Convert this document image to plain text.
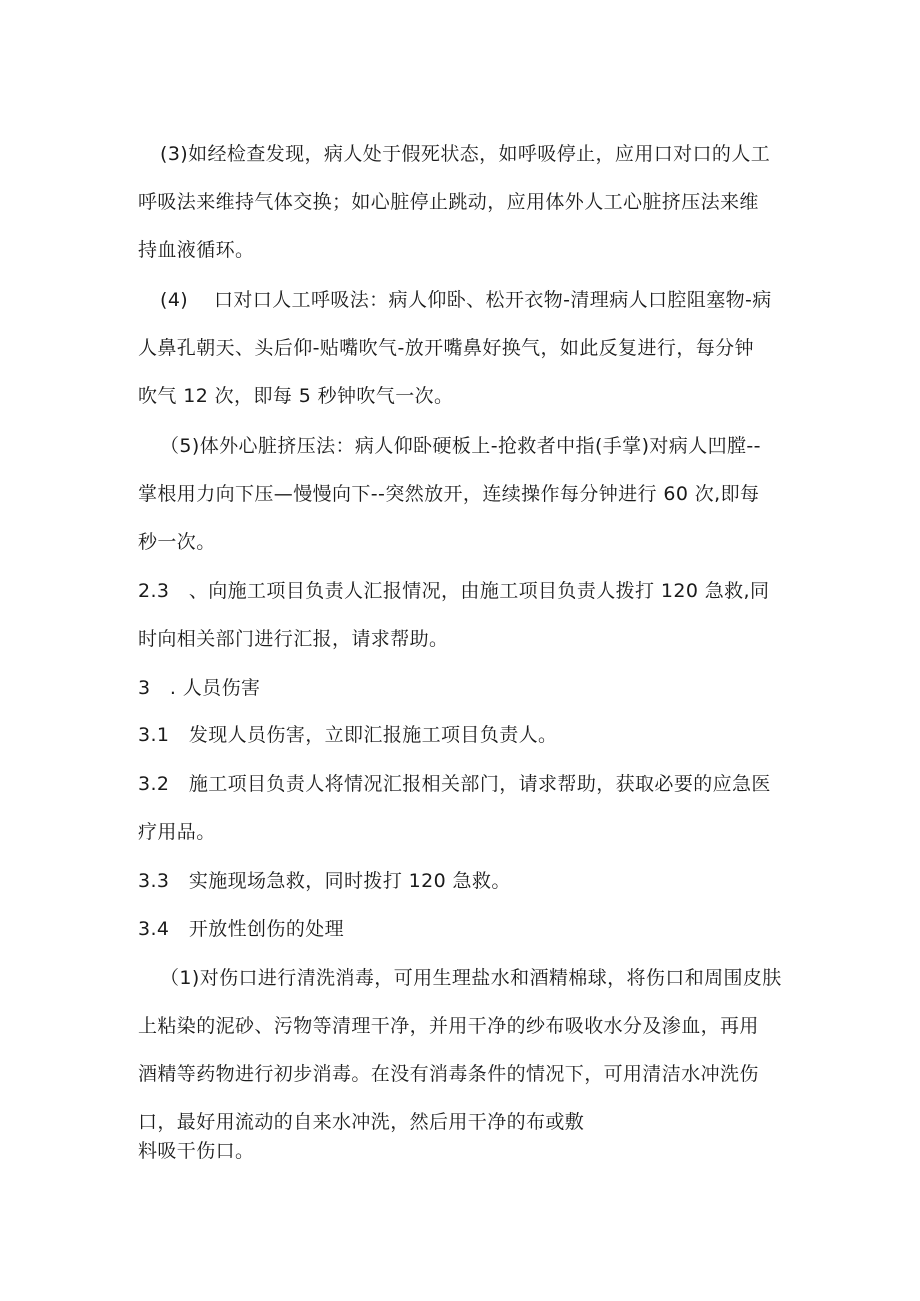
(3)如经检查发现，病人处于假死状态，如呼吸停止，应用口对口的人工
呼吸法来维持气体交换；如心脏停止跳动，应用体外人工心脏挤压法来维
持血液循环。
(4)　 口对口人工呼吸法：病人仰卧、松开衣物-清理病人口腔阻塞物-病
人鼻孔朝天、头后仰-贴嘴吹气-放开嘴鼻好换气，如此反复进行，每分钟
吹气 12 次，即每 5 秒钟吹气一次。
（5)体外心脏挤压法：病人仰卧硬板上-抢救者中指(手掌)对病人凹膛--
掌根用力向下压—慢慢向下--突然放开，连续操作每分钟进行 60 次,即每
秒一次。
2.3　、向施工项目负责人汇报情况，由施工项目负责人拨打 120 急救,同
时向相关部门进行汇报，请求帮助。
3　. 人员伤害
3.1　发现人员伤害，立即汇报施工项目负责人。
3.2　施工项目负责人将情况汇报相关部门，请求帮助，获取必要的应急医
疗用品。
3.3　实施现场急救，同时拨打 120 急救。
3.4　开放性创伤的处理
（1)对伤口进行清洗消毒，可用生理盐水和酒精棉球，将伤口和周围皮肤
上粘染的泥砂、污物等清理干净，并用干净的纱布吸收水分及渗血，再用
酒精等药物进行初步消毒。在没有消毒条件的情况下，可用清洁水冲洗伤
口，最好用流动的自来水冲洗，然后用干净的布或敷
料吸干伤口。
